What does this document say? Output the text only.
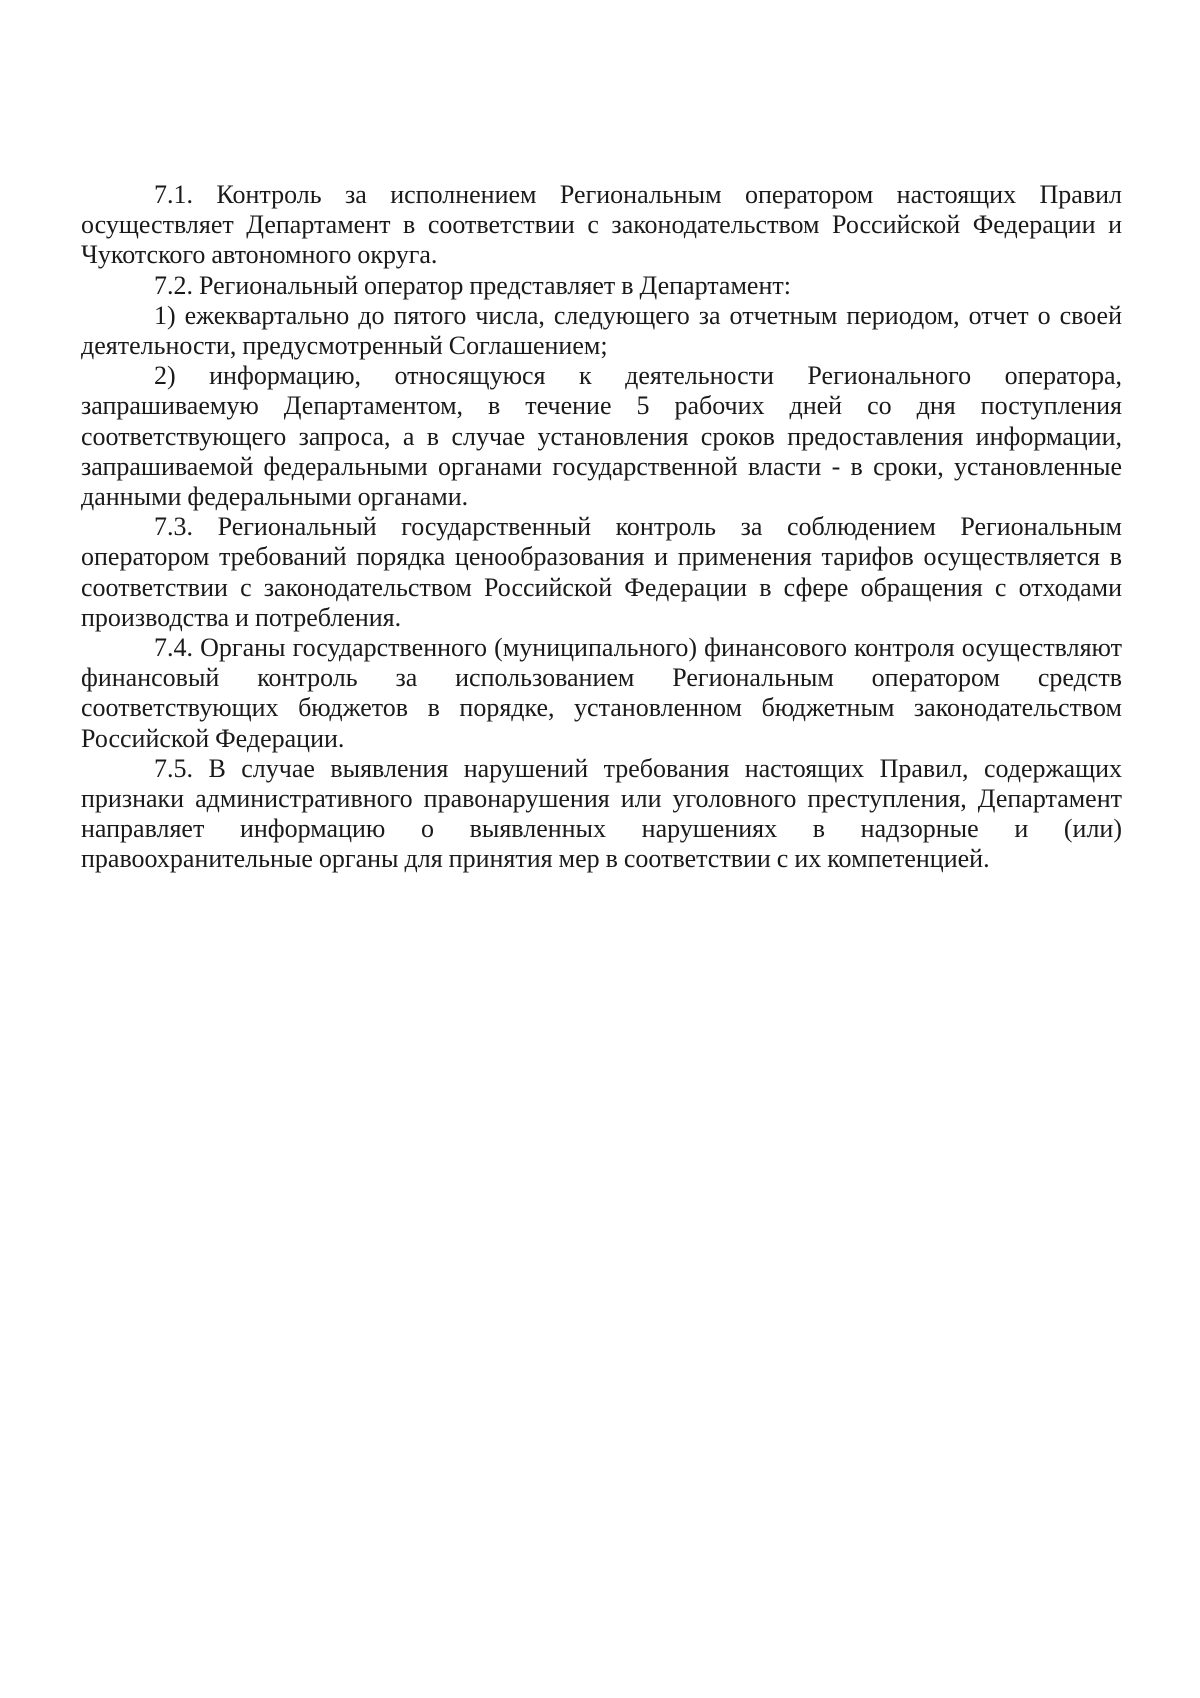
7.1. Контроль за исполнением Региональным оператором настоящих Правил осуществляет Департамент в соответствии с законодательством Российской Федерации и Чукотского автономного округа.

7.2. Региональный оператор представляет в Департамент:

1) ежеквартально до пятого числа, следующего за отчетным периодом, отчет о своей деятельности, предусмотренный Соглашением;

2) информацию, относящуюся к деятельности Регионального оператора, запрашиваемую Департаментом, в течение 5 рабочих дней со дня поступления соответствующего запроса, а в случае установления сроков предоставления информации, запрашиваемой федеральными органами государственной власти - в сроки, установленные данными федеральными органами.

7.3. Региональный государственный контроль за соблюдением Региональным оператором требований порядка ценообразования и применения тарифов осуществляется в соответствии с законодательством Российской Федерации в сфере обращения с отходами производства и потребления.

7.4. Органы государственного (муниципального) финансового контроля осуществляют финансовый контроль за использованием Региональным оператором средств соответствующих бюджетов в порядке, установленном бюджетным законодательством Российской Федерации.

7.5. В случае выявления нарушений требования настоящих Правил, содержащих признаки административного правонарушения или уголовного преступления, Департамент направляет информацию о выявленных нарушениях в надзорные и (или) правоохранительные органы для принятия мер в соответствии с их компетенцией.
